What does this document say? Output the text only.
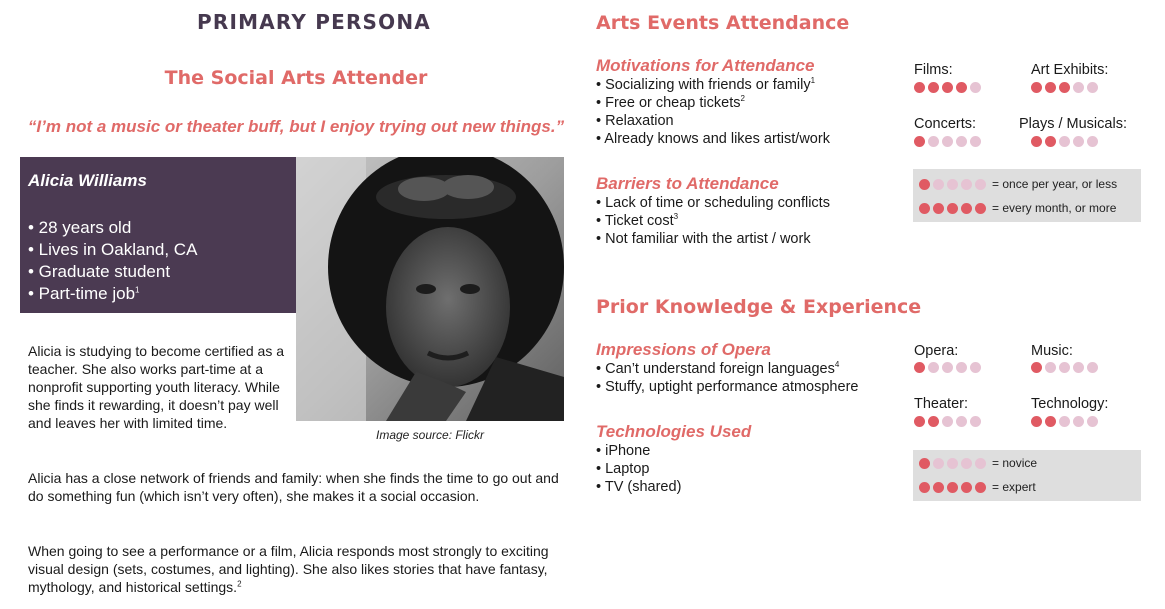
PRIMARY PERSONA
The Social Arts Attender
“I’m not a music or theater buff, but I enjoy trying out new things.”
Alicia Williams
• 28 years old
• Lives in Oakland, CA
• Graduate student
• Part-time job$^1$
Image source: Flickr
Alicia is studying to become certified as a teacher. She also works part-time at a nonprofit supporting youth literacy. While she finds it rewarding, it doesn’t pay well and leaves her with limited time.
Alicia has a close network of friends and family: when she finds the time to go out and do something fun (which isn’t very often), she makes it a social occasion.
When going to see a performance or a film, Alicia responds most strongly to exciting visual design (sets, costumes, and lighting). She also likes stories that have fantasy, mythology, and historical settings.$^2$
Arts Events Attendance
Motivations for Attendance
• Socializing with friends or family$^1$
• Free or cheap tickets$^2$
• Relaxation
• Already knows and likes artist/work
Barriers to Attendance
• Lack of time or scheduling conflicts
• Ticket cost$^3$
• Not familiar with the artist / work
Films:	Art Exhibits:
Concerts:	Plays / Musicals:
= once per year, or less
= every month, or more
Prior Knowledge & Experience
Impressions of Opera
• Can’t understand foreign languages$^4$
• Stuffy, uptight performance atmosphere
Technologies Used
• iPhone
• Laptop
• TV (shared)
Opera:	Music:
Theater:	Technology:
= novice
= expert
